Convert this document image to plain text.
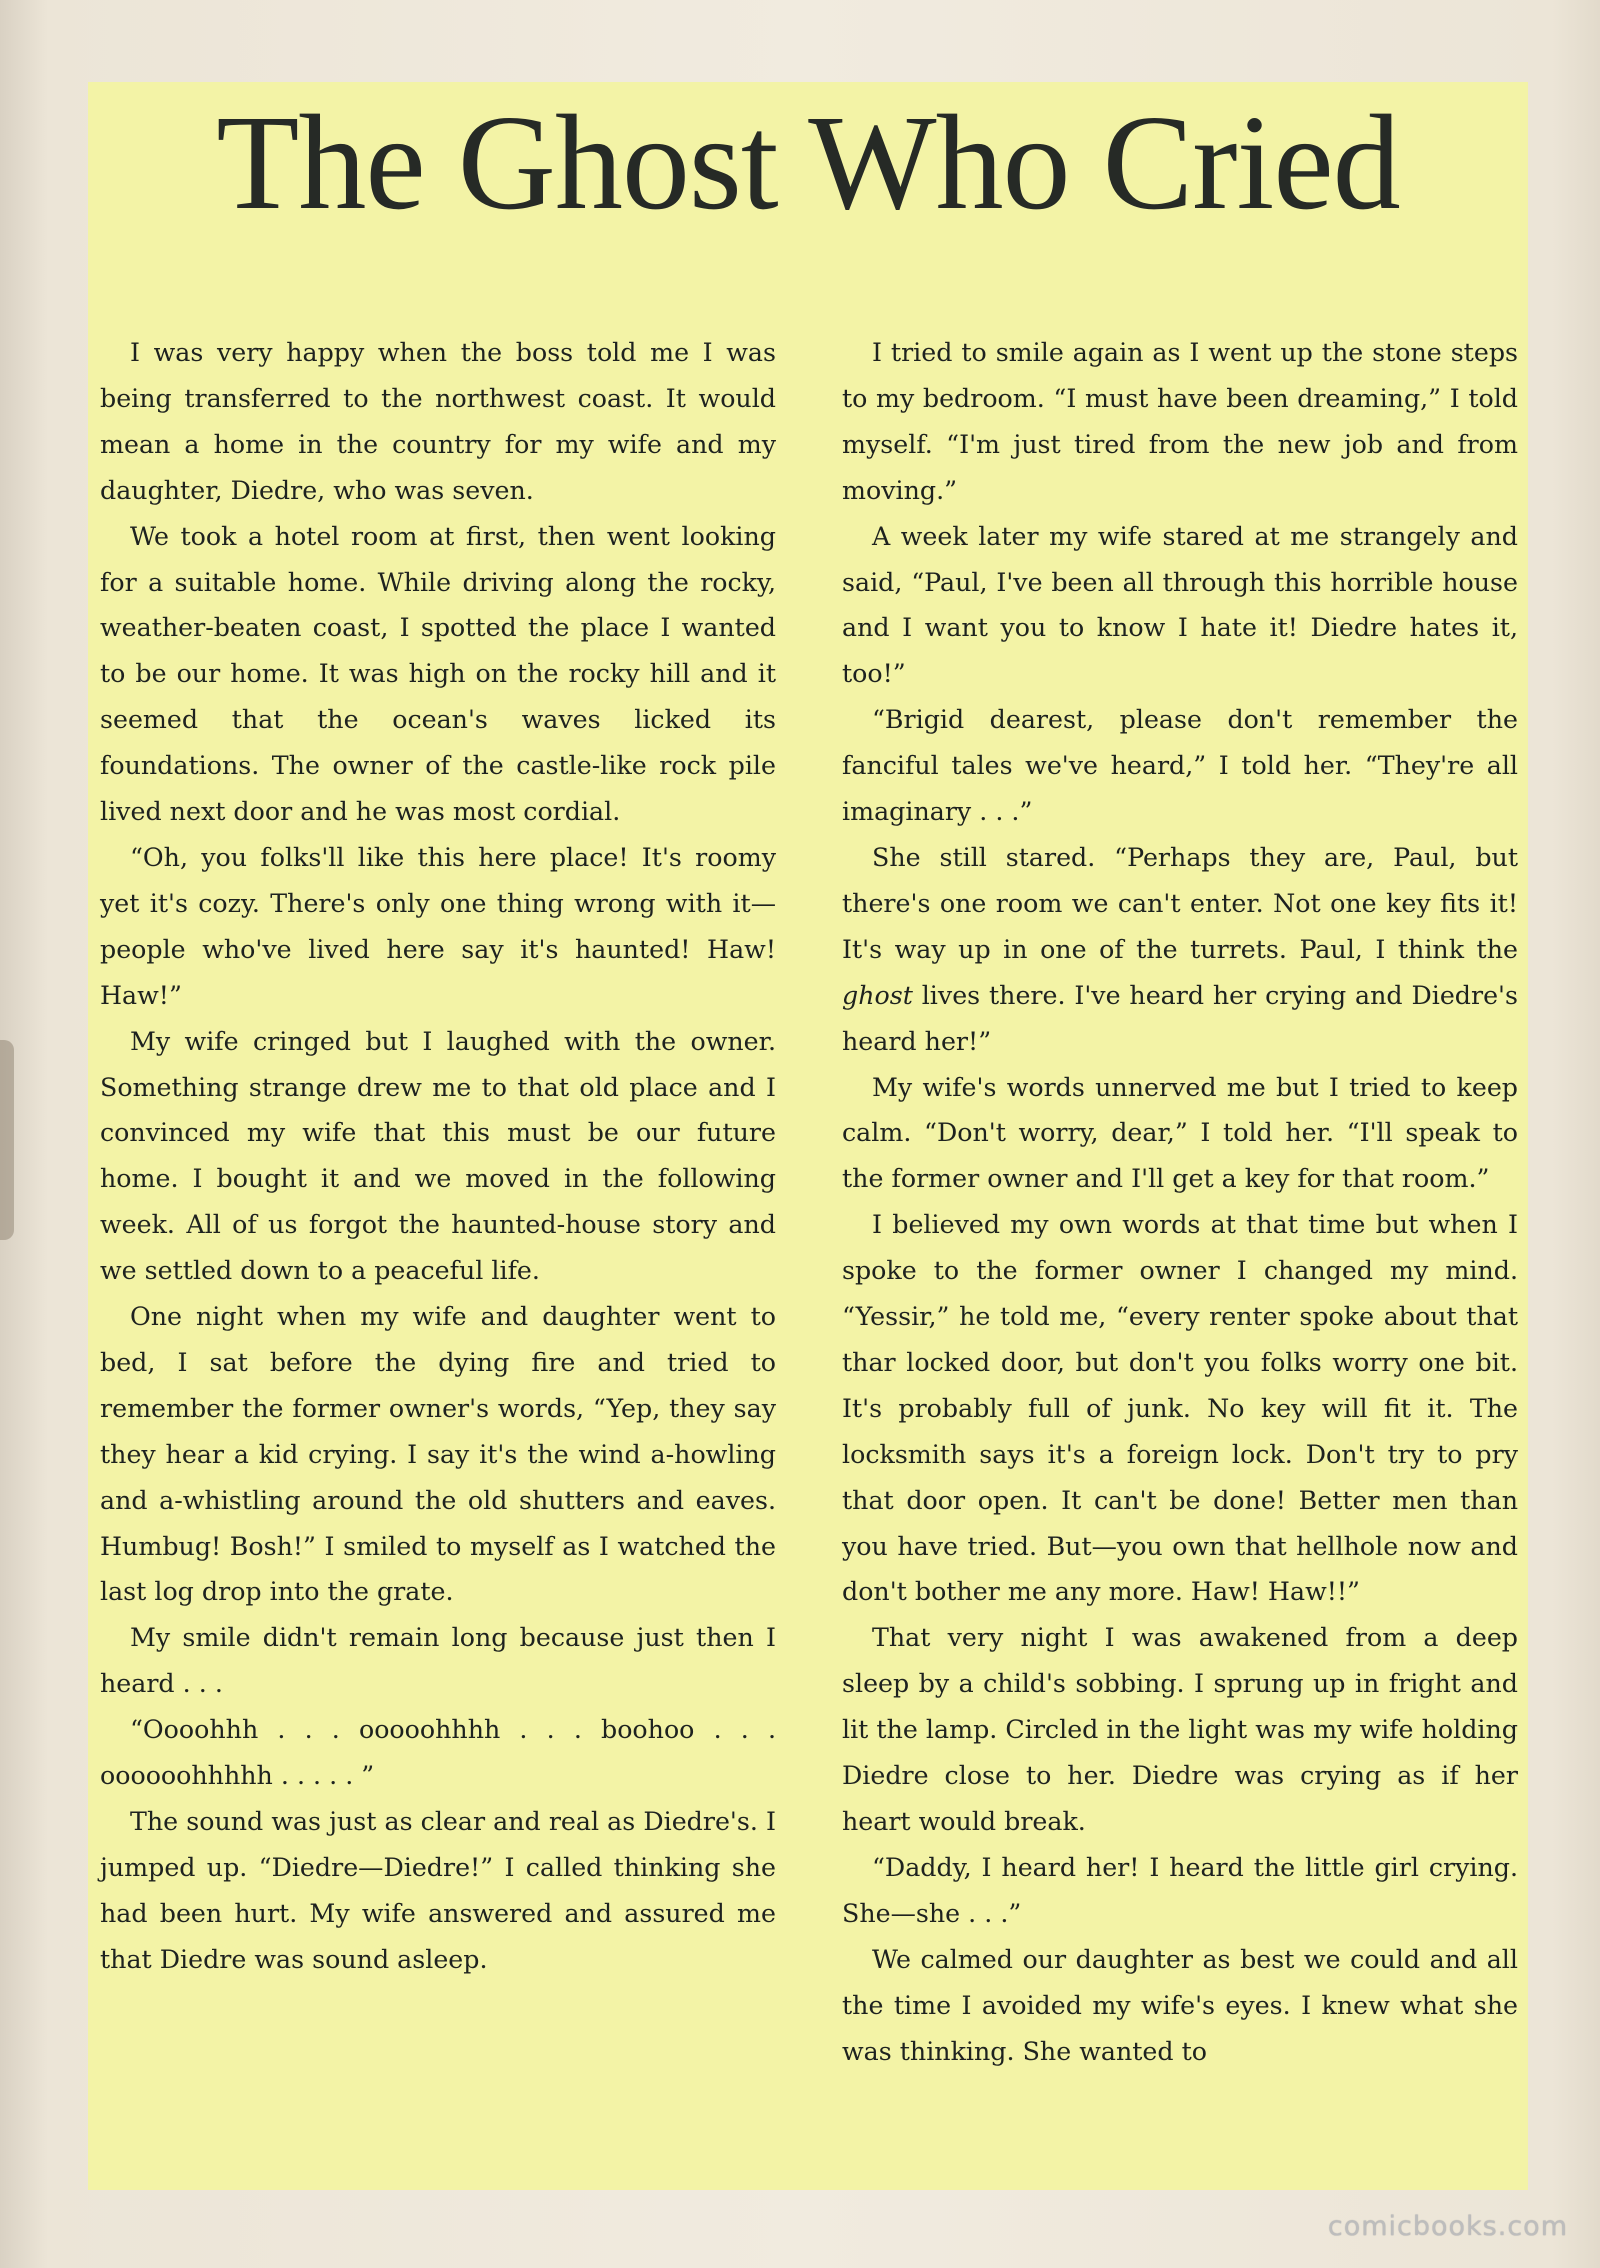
The Ghost Who Cried

I was very happy when the boss told me I was being transferred to the northwest coast. It would mean a home in the country for my wife and my daughter, Diedre, who was seven.

We took a hotel room at first, then went looking for a suitable home. While driving along the rocky, weather-beaten coast, I spotted the place I wanted to be our home. It was high on the rocky hill and it seemed that the ocean's waves licked its foundations. The owner of the castle-like rock pile lived next door and he was most cordial.

“Oh, you folks'll like this here place! It's roomy yet it's cozy. There's only one thing wrong with it—people who've lived here say it's haunted! Haw! Haw!”

My wife cringed but I laughed with the owner. Something strange drew me to that old place and I convinced my wife that this must be our future home. I bought it and we moved in the following week. All of us forgot the haunted-house story and we settled down to a peaceful life.

One night when my wife and daughter went to bed, I sat before the dying fire and tried to remember the former owner's words, “Yep, they say they hear a kid crying. I say it's the wind a-howling and a-whistling around the old shutters and eaves. Humbug! Bosh!” I smiled to myself as I watched the last log drop into the grate.

My smile didn't remain long because just then I heard . . .

“Oooohhh . . . ooooohhhh . . . boohoo . . . oooooohhhhh . . . . . ”

The sound was just as clear and real as Diedre's. I jumped up. “Diedre—Diedre!” I called thinking she had been hurt. My wife answered and assured me that Diedre was sound asleep.

I tried to smile again as I went up the stone steps to my bedroom. “I must have been dreaming,” I told myself. “I'm just tired from the new job and from moving.”

A week later my wife stared at me strangely and said, “Paul, I've been all through this horrible house and I want you to know I hate it! Diedre hates it, too!”

“Brigid dearest, please don't remember the fanciful tales we've heard,” I told her. “They're all imaginary . . .”

She still stared. “Perhaps they are, Paul, but there's one room we can't enter. Not one key fits it! It's way up in one of the turrets. Paul, I think the ghost lives there. I've heard her crying and Diedre's heard her!”

My wife's words unnerved me but I tried to keep calm. “Don't worry, dear,” I told her. “I'll speak to the former owner and I'll get a key for that room.”

I believed my own words at that time but when I spoke to the former owner I changed my mind. “Yessir,” he told me, “every renter spoke about that thar locked door, but don't you folks worry one bit. It's probably full of junk. No key will fit it. The locksmith says it's a foreign lock. Don't try to pry that door open. It can't be done! Better men than you have tried. But—you own that hellhole now and don't bother me any more. Haw! Haw!!”

That very night I was awakened from a deep sleep by a child's sobbing. I sprung up in fright and lit the lamp. Circled in the light was my wife holding Diedre close to her. Diedre was crying as if her heart would break.

“Daddy, I heard her! I heard the little girl crying. She—she . . .”

We calmed our daughter as best we could and all the time I avoided my wife's eyes. I knew what she was thinking. She wanted to

comicbooks.com
